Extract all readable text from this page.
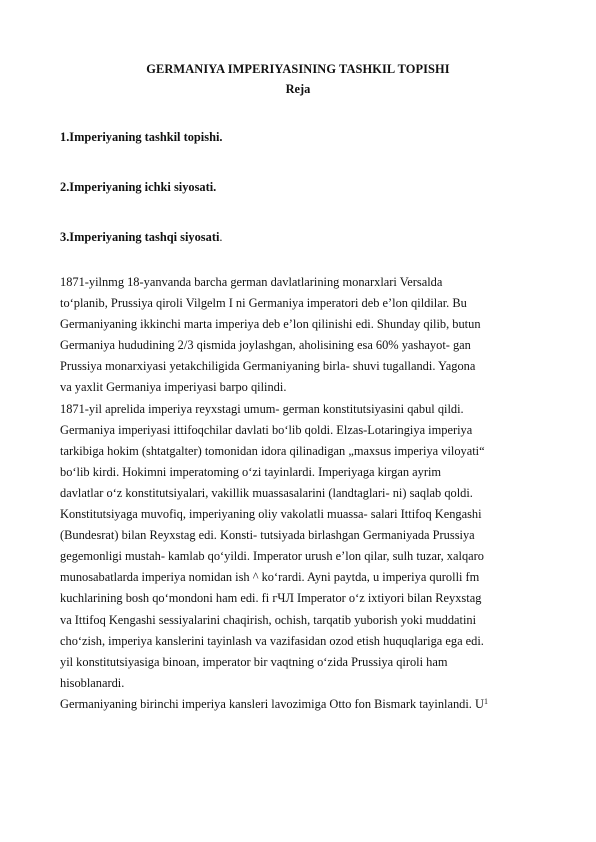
GERMANIYA IMPERIYASINING TASHKIL TOPISHI
Reja
1.Imperiyaning tashkil topishi.
2.Imperiyaning ichki siyosati.
3.Imperiyaning tashqi siyosati.
1871-yilnmg 18-yanvanda barcha german davlatlarining monarxlari Versalda
to‘planib, Prussiya qiroli Vilgelm I ni Germaniya imperatori deb e’lon qildilar. Bu
Germaniyaning ikkinchi marta imperiya deb e’lon qilinishi edi. Shunday qilib, butun
Germaniya hududining 2/3 qismida joylashgan, aholisining esa 60% yashayot- gan
Prussiya monarxiyasi yetakchiligida Germaniyaning birla- shuvi tugallandi. Yagona
va yaxlit Germaniya imperiyasi barpo qilindi.
1871-yil aprelida imperiya reyxstagi umum- german konstitutsiyasini qabul qildi.
Germaniya imperiyasi ittifoqchilar davlati bo‘lib qoldi. Elzas-Lotaringiya imperiya
tarkibiga hokim (shtatgalter) tomonidan idora qilinadigan „maxsus imperiya viloyati“
bo‘lib kirdi. Hokimni imperatoming o‘zi tayinlardi. Imperiyaga kirgan ayrim
davlatlar o‘z konstitutsiyalari, vakillik muassasalarini (landtaglari- ni) saqlab qoldi.
Konstitutsiyaga muvofiq, imperiyaning oliy vakolatli muassa- salari Ittifoq Kengashi
(Bundesrat) bilan Reyxstag edi. Konsti- tutsiyada birlashgan Germaniyada Prussiya
gegemonligi mustah- kamlab qo‘yildi. Imperator urush e’lon qilar, sulh tuzar, xalqaro
munosabatlarda imperiya nomidan ish ^ ko‘rardi. Ayni paytda, u imperiya qurolli fm
kuchlarining bosh qo‘mondoni ham edi. fi гЧЛ Imperator o‘z ixtiyori bilan Reyxstag
va Ittifoq Kengashi sessiyalarini chaqirish, ochish, tarqatib yuborish yoki muddatini
cho‘zish, imperiya kanslerini tayinlash va vazifasidan ozod etish huquqlariga ega edi.
yil konstitutsiyasiga binoan, imperator bir vaqtning o‘zida Prussiya qiroli ham
hisoblanardi.
Germaniyaning birinchi imperiya kansleri lavozimiga Otto fon Bismark tayinlandi. U 1
